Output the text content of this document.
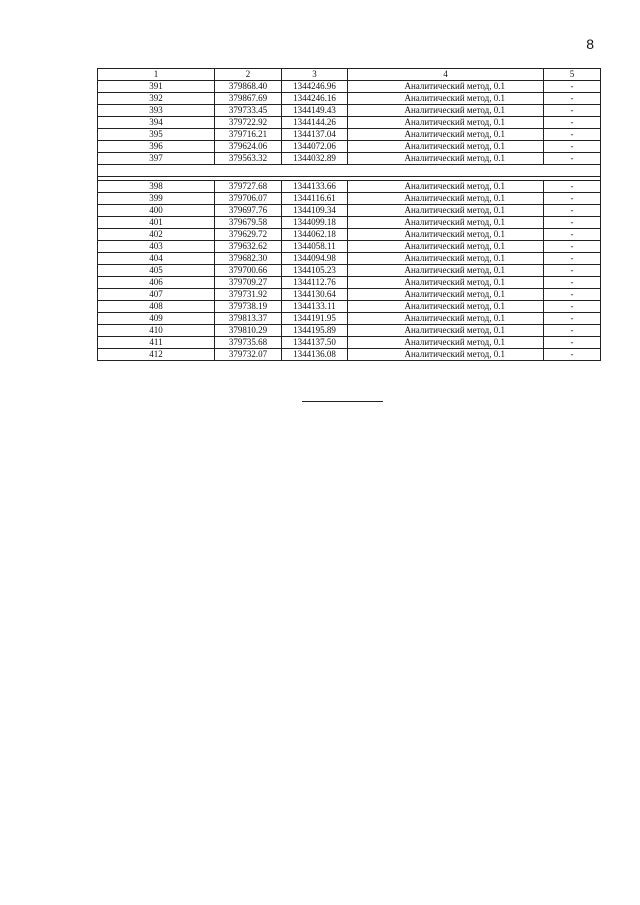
8
1	2	3	4	5
391	379868.40	1344246.96	Аналитический метод, 0.1	-
392	379867.69	1344246.16	Аналитический метод, 0.1	-
393	379733.45	1344149.43	Аналитический метод, 0.1	-
394	379722.92	1344144.26	Аналитический метод, 0.1	-
395	379716.21	1344137.04	Аналитический метод, 0.1	-
396	379624.06	1344072.06	Аналитический метод, 0.1	-
397	379563.32	1344032.89	Аналитический метод, 0.1	-

398	379727.68	1344133.66	Аналитический метод, 0.1	-
399	379706.07	1344116.61	Аналитический метод, 0.1	-
400	379697.76	1344109.34	Аналитический метод, 0.1	-
401	379679.58	1344099.18	Аналитический метод, 0.1	-
402	379629.72	1344062.18	Аналитический метод, 0.1	-
403	379632.62	1344058.11	Аналитический метод, 0.1	-
404	379682.30	1344094.98	Аналитический метод, 0.1	-
405	379700.66	1344105.23	Аналитический метод, 0.1	-
406	379709.27	1344112.76	Аналитический метод, 0.1	-
407	379731.92	1344130.64	Аналитический метод, 0.1	-
408	379738.19	1344133.11	Аналитический метод, 0.1	-
409	379813.37	1344191.95	Аналитический метод, 0.1	-
410	379810.29	1344195.89	Аналитический метод, 0.1	-
411	379735.68	1344137.50	Аналитический метод, 0.1	-
412	379732.07	1344136.08	Аналитический метод, 0.1	-
